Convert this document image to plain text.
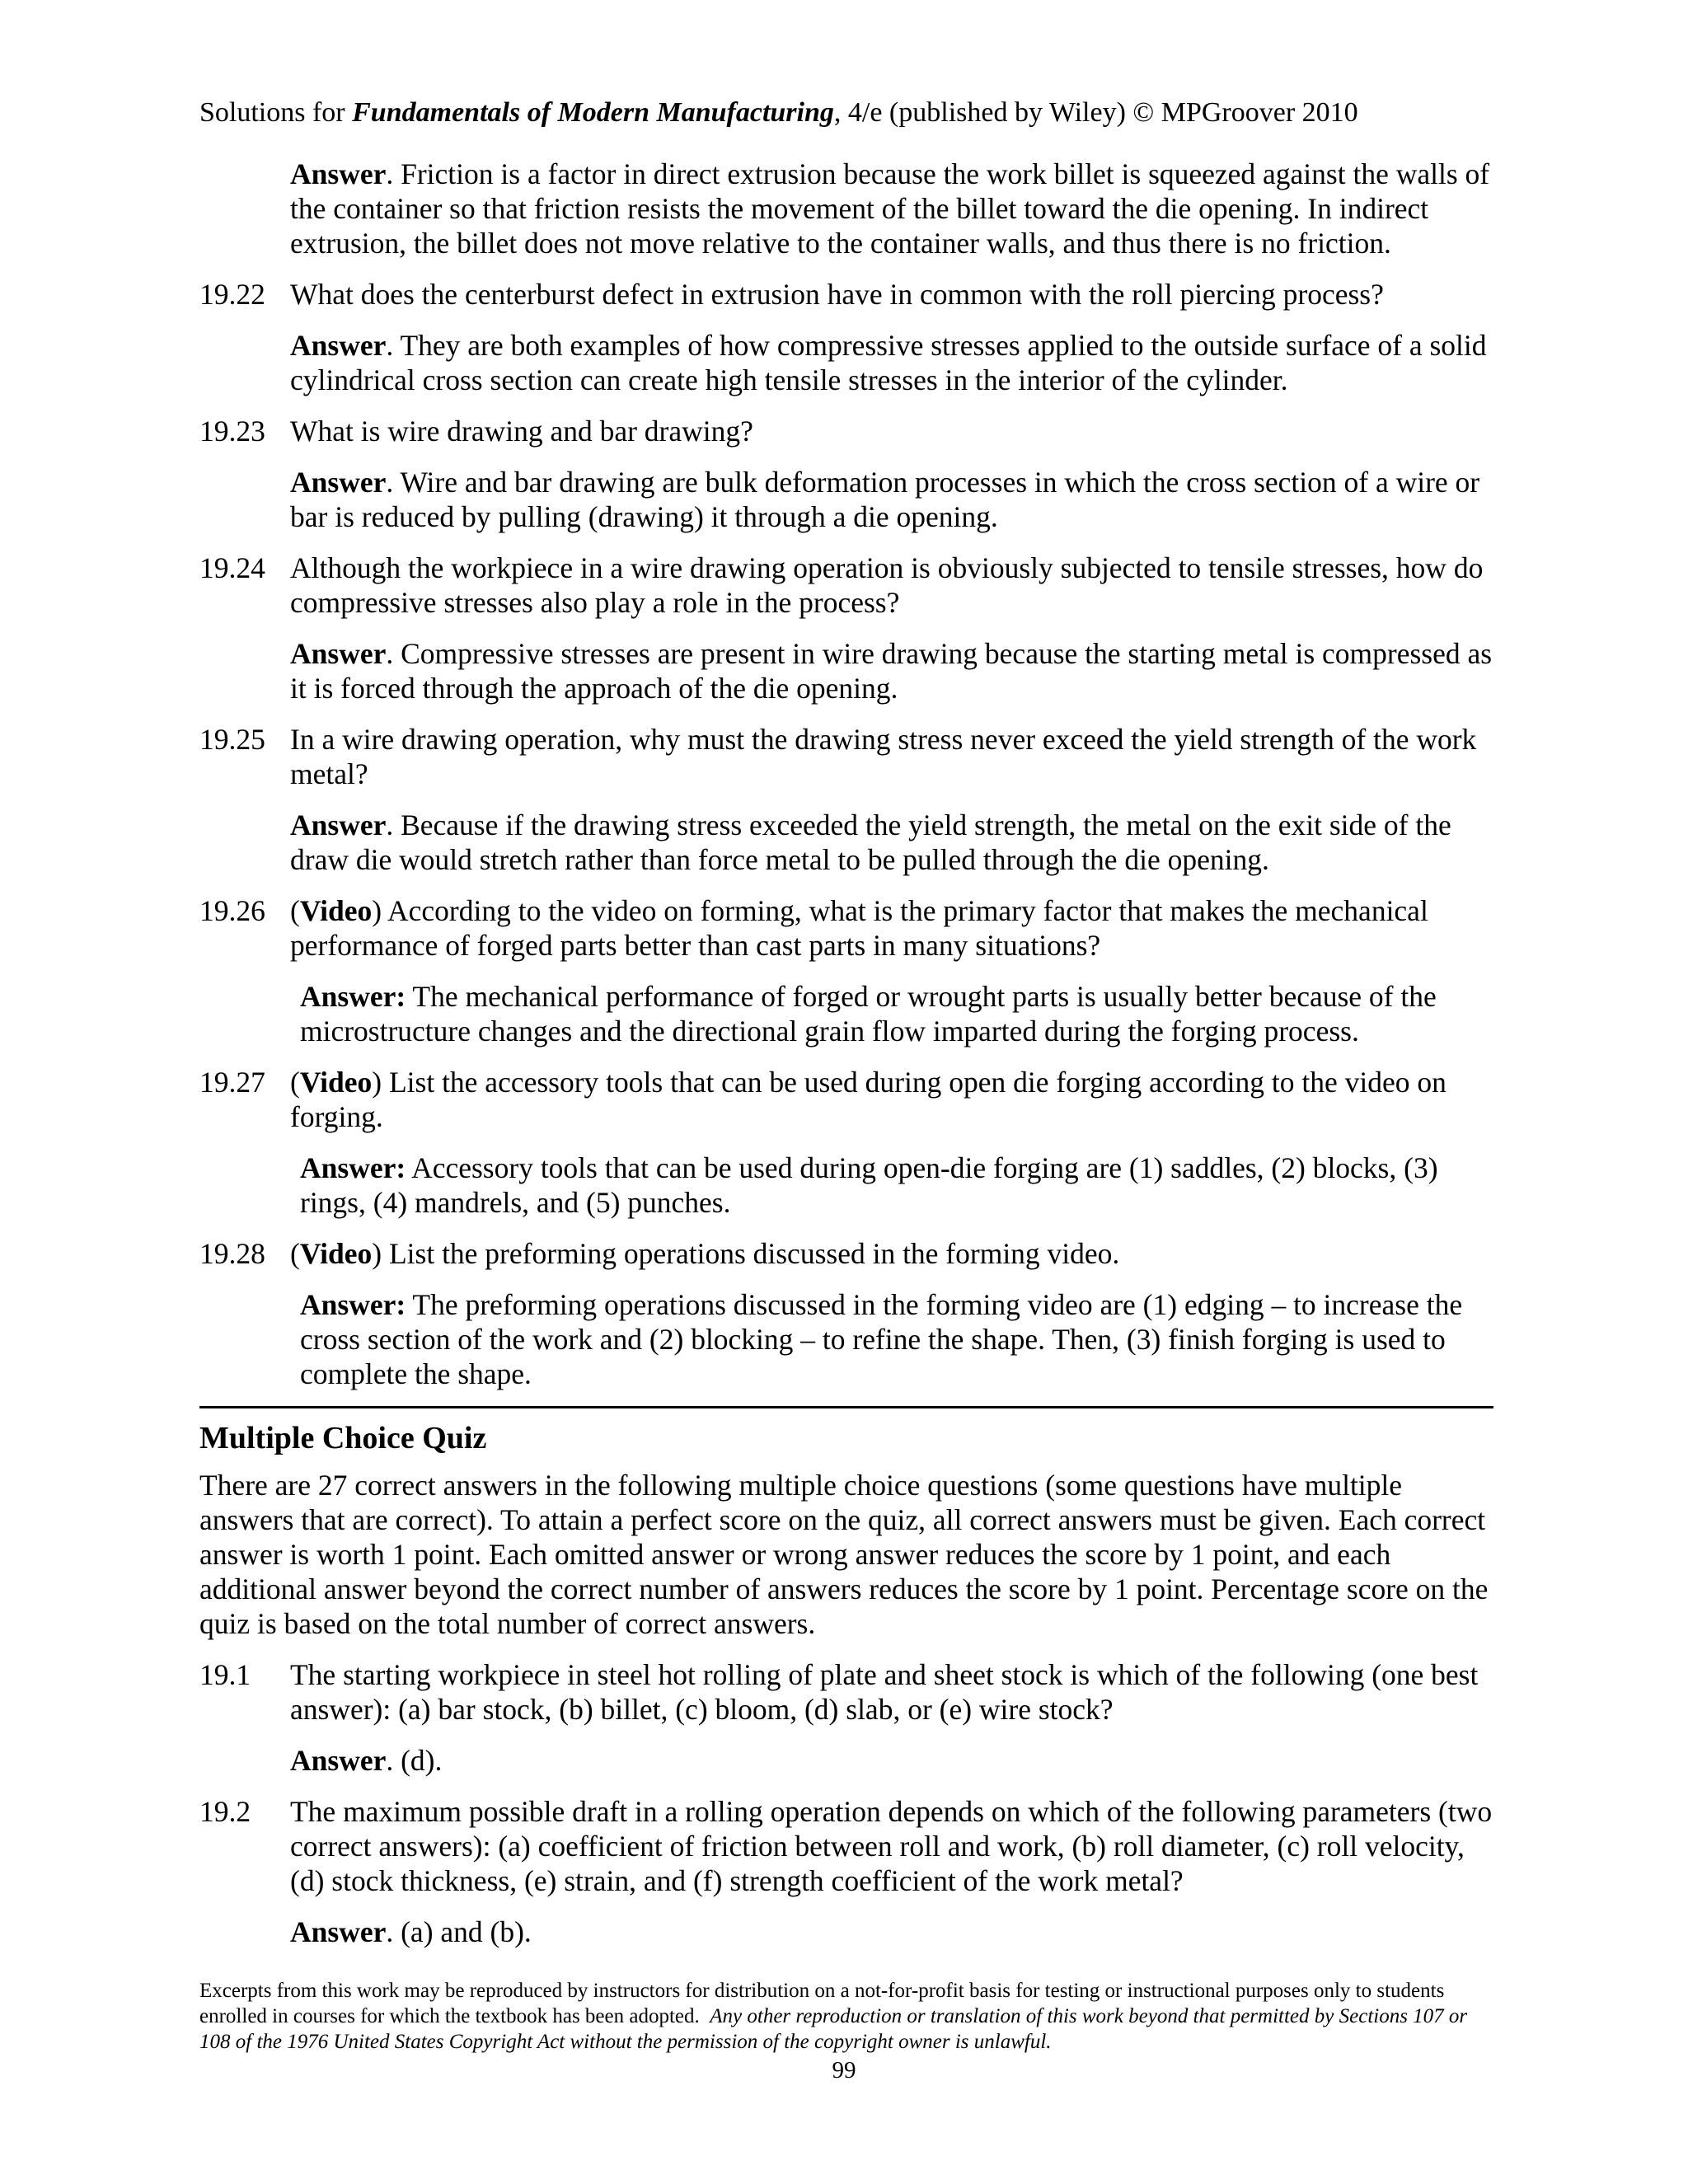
Solutions for Fundamentals of Modern Manufacturing, 4/e (published by Wiley) © MPGroover 2010
Answer. Friction is a factor in direct extrusion because the work billet is squeezed against the walls of the container so that friction resists the movement of the billet toward the die opening. In indirect extrusion, the billet does not move relative to the container walls, and thus there is no friction.
19.22 What does the centerburst defect in extrusion have in common with the roll piercing process?
Answer. They are both examples of how compressive stresses applied to the outside surface of a solid cylindrical cross section can create high tensile stresses in the interior of the cylinder.
19.23 What is wire drawing and bar drawing?
Answer. Wire and bar drawing are bulk deformation processes in which the cross section of a wire or bar is reduced by pulling (drawing) it through a die opening.
19.24 Although the workpiece in a wire drawing operation is obviously subjected to tensile stresses, how do compressive stresses also play a role in the process?
Answer. Compressive stresses are present in wire drawing because the starting metal is compressed as it is forced through the approach of the die opening.
19.25 In a wire drawing operation, why must the drawing stress never exceed the yield strength of the work metal?
Answer. Because if the drawing stress exceeded the yield strength, the metal on the exit side of the draw die would stretch rather than force metal to be pulled through the die opening.
19.26 (Video) According to the video on forming, what is the primary factor that makes the mechanical performance of forged parts better than cast parts in many situations?
Answer: The mechanical performance of forged or wrought parts is usually better because of the microstructure changes and the directional grain flow imparted during the forging process.
19.27 (Video) List the accessory tools that can be used during open die forging according to the video on forging.
Answer: Accessory tools that can be used during open-die forging are (1) saddles, (2) blocks, (3) rings, (4) mandrels, and (5) punches.
19.28 (Video) List the preforming operations discussed in the forming video.
Answer: The preforming operations discussed in the forming video are (1) edging – to increase the cross section of the work and (2) blocking – to refine the shape. Then, (3) finish forging is used to complete the shape.
Multiple Choice Quiz
There are 27 correct answers in the following multiple choice questions (some questions have multiple answers that are correct). To attain a perfect score on the quiz, all correct answers must be given. Each correct answer is worth 1 point. Each omitted answer or wrong answer reduces the score by 1 point, and each additional answer beyond the correct number of answers reduces the score by 1 point. Percentage score on the quiz is based on the total number of correct answers.
19.1	The starting workpiece in steel hot rolling of plate and sheet stock is which of the following (one best answer): (a) bar stock, (b) billet, (c) bloom, (d) slab, or (e) wire stock?
Answer. (d).
19.2	The maximum possible draft in a rolling operation depends on which of the following parameters (two correct answers): (a) coefficient of friction between roll and work, (b) roll diameter, (c) roll velocity, (d) stock thickness, (e) strain, and (f) strength coefficient of the work metal?
Answer. (a) and (b).
Excerpts from this work may be reproduced by instructors for distribution on a not-for-profit basis for testing or instructional purposes only to students enrolled in courses for which the textbook has been adopted. Any other reproduction or translation of this work beyond that permitted by Sections 107 or 108 of the 1976 United States Copyright Act without the permission of the copyright owner is unlawful.
99
